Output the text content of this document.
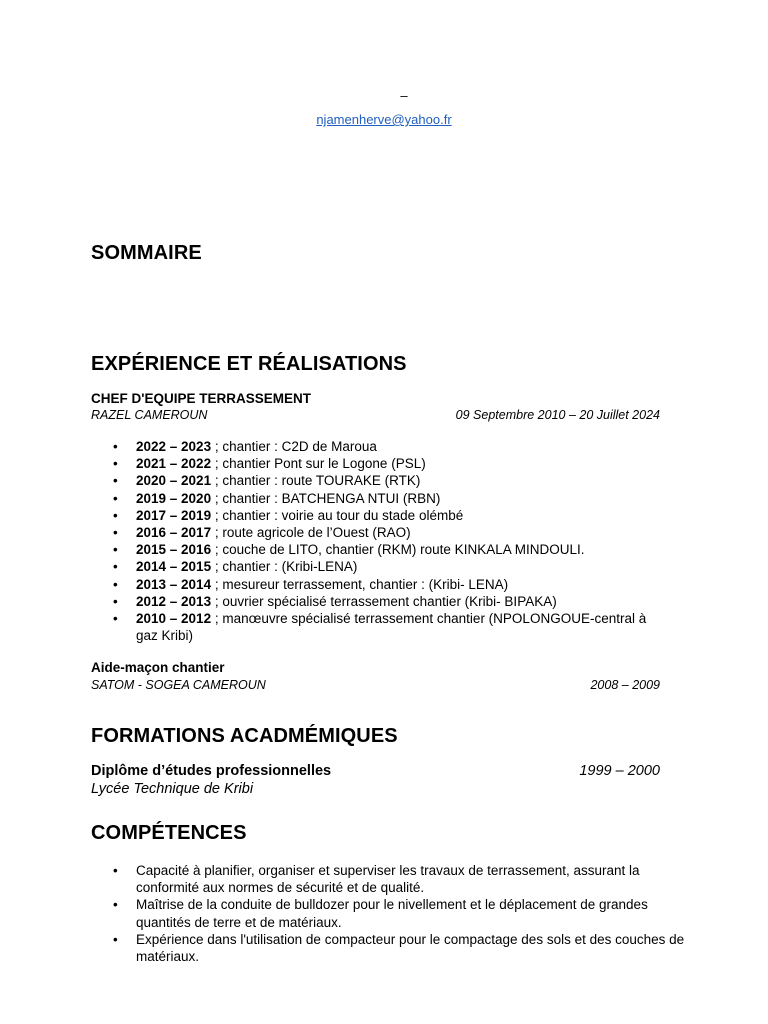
–
njamenherve@yahoo.fr
SOMMAIRE
EXPÉRIENCE ET RÉALISATIONS
CHEF D'EQUIPE TERRASSEMENT
RAZEL CAMEROUN	09 Septembre 2010 – 20 Juillet 2024
• 2022 – 2023 ; chantier : C2D de Maroua
• 2021 – 2022 ; chantier Pont sur le Logone (PSL)
• 2020 – 2021 ; chantier : route TOURAKE (RTK)
• 2019 – 2020 ; chantier : BATCHENGA NTUI (RBN)
• 2017 – 2019 ; chantier : voirie au tour du stade olémbé
• 2016 – 2017 ; route agricole de l’Ouest (RAO)
• 2015 – 2016 ; couche de LITO, chantier (RKM) route KINKALA MINDOULI.
• 2014 – 2015 ; chantier : (Kribi-LENA)
• 2013 – 2014 ; mesureur terrassement, chantier : (Kribi- LENA)
• 2012 – 2013 ; ouvrier spécialisé terrassement chantier (Kribi- BIPAKA)
• 2010 – 2012 ; manœuvre spécialisé terrassement chantier (NPOLONGOUE-central à gaz Kribi)
Aide-maçon chantier
SATOM - SOGEA CAMEROUN	2008 – 2009
FORMATIONS ACADMÉMIQUES
Diplôme d’études professionnelles	1999 – 2000
Lycée Technique de Kribi
COMPÉTENCES
• Capacité à planifier, organiser et superviser les travaux de terrassement, assurant la conformité aux normes de sécurité et de qualité.
• Maîtrise de la conduite de bulldozer pour le nivellement et le déplacement de grandes quantités de terre et de matériaux.
• Expérience dans l'utilisation de compacteur pour le compactage des sols et des couches de matériaux.
